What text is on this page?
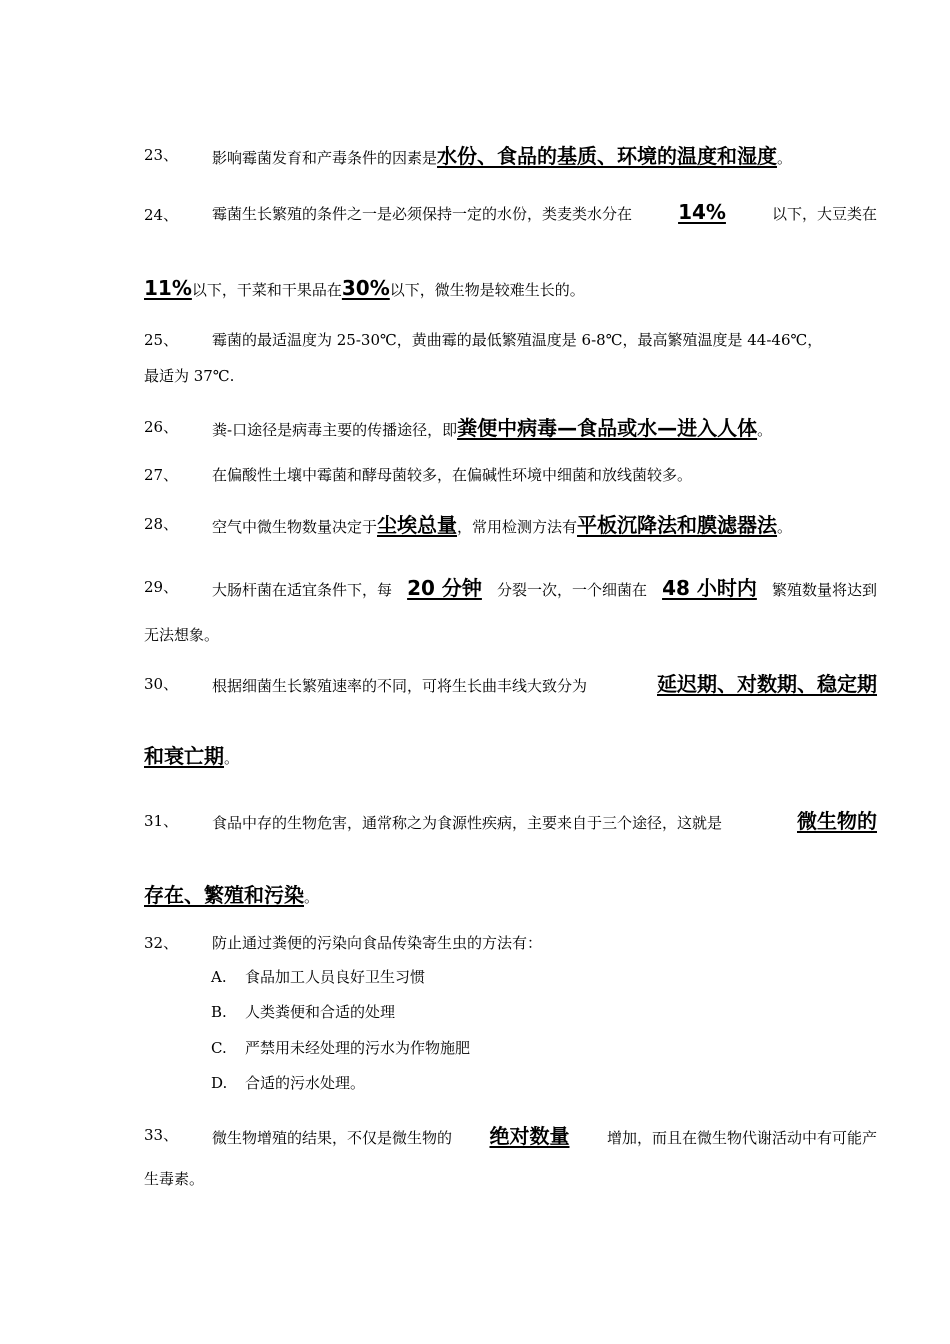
23、 影响霉菌发育和产毒条件的因素是水份、食品的基质、环境的温度和湿度。
24、 霉菌生长繁殖的条件之一是必须保持一定的水份，类麦类水分在 14%	以下，大豆类在
11%以下，干菜和干果品在30%以下，微生物是较难生长的。
25、 霉菌的最适温度为 25-30℃，黄曲霉的最低繁殖温度是 6-8℃，最高繁殖温度是 44-46℃，
最适为 37℃.
26、 粪-口途径是病毒主要的传播途径，即粪便中病毒—食品或水—进入人体。
27、 在偏酸性土壤中霉菌和酵母菌较多，在偏碱性环境中细菌和放线菌较多。
28、 空气中微生物数量决定于尘埃总量，常用检测方法有平板沉降法和膜滤器法。
29、 大肠杆菌在适宜条件下，每 20 分钟 分裂一次，一个细菌在 48 小时内 繁殖数量将达到
无法想象。
30、 根据细菌生长繁殖速率的不同，可将生长曲丰线大致分为	延迟期、对数期、稳定期
和衰亡期。
31、 食品中存的生物危害，通常称之为食源性疾病，主要来自于三个途径，这就是	微生物的
存在、繁殖和污染。
32、 防止通过粪便的污染向食品传染寄生虫的方法有：
A. 食品加工人员良好卫生习惯
B. 人类粪便和合适的处理
C. 严禁用未经处理的污水为作物施肥
D. 合适的污水处理。
33、 微生物增殖的结果，不仅是微生物的 绝对数量 增加，而且在微生物代谢活动中有可能产
生毒素。
